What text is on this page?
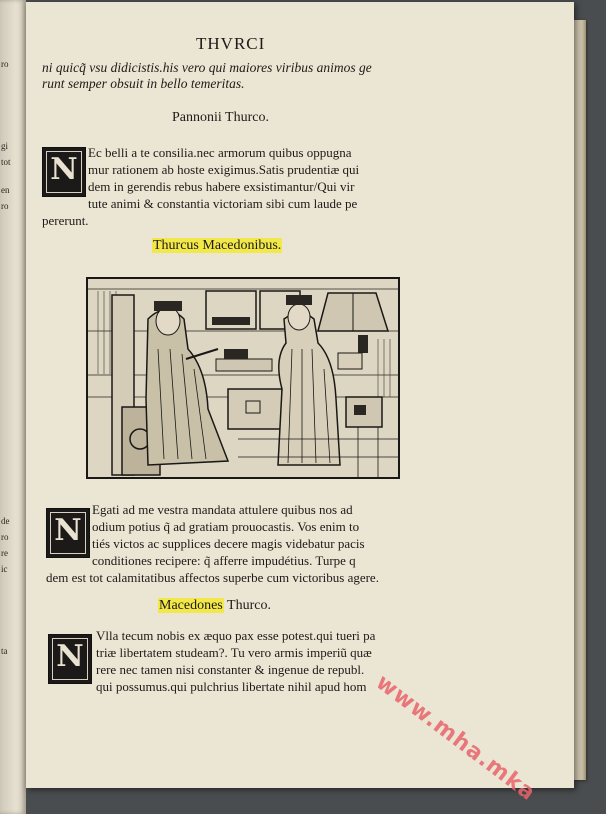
ro
gi
tot
en
ro
de
ro
re
ic
ta
THVRCI
ni quicq̃ vsu didicistis.his vero qui maiores viribus animos ge
runt semper obsuit in bello temeritas.
Pannonii Thurco.
N Ec belli a te consilia.nec armorum quibus oppugna
mur rationem ab hoste exigimus.Satis prudentiæ qui
dem in gerendis rebus habere exsistimantur/Qui vir
tute animi & constantia victoriam sibi cum laude pe
pererunt.
Thurcus Macedonibus.
N
Egati ad me vestra mandata attulere quibus nos ad
odium potius q̃ ad gratiam prouocastis. Vos enim to
tiés victos ac supplices decere magis videbatur pacis
conditiones recipere: q̃ afferre impudétius. Turpe q
dem est tot calamitatibus affectos superbe cum victoribus agere.
Macedones Thurco.
N
Vlla tecum nobis ex æquo pax esse potest.qui tueri pa
triæ libertatem studeam?. Tu vero armis imperiũ quæ
rere nec tamen nisi constanter & ingenue de republ.
qui possumus.qui pulchrius libertate nihil apud hom www.mha.mka
